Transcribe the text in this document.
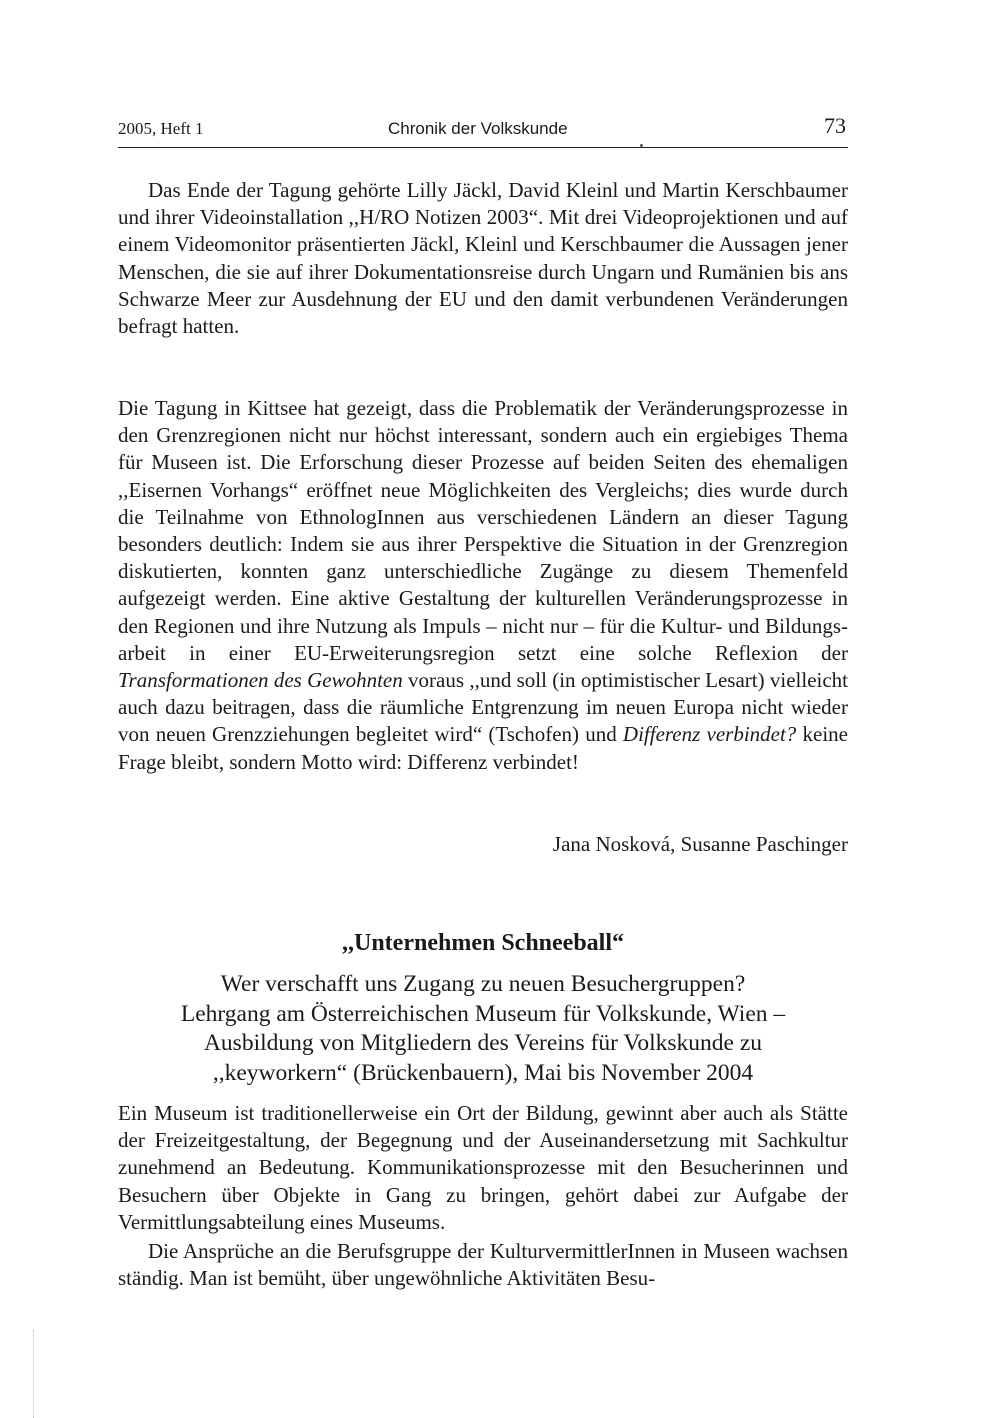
2005, Heft 1	Chronik der Volkskunde	73

Das Ende der Tagung gehörte Lilly Jäckl, David Kleinl und Martin Kerschbaumer und ihrer Videoinstallation ,,H/RO Notizen 2003“. Mit drei Videoprojektionen und auf einem Videomonitor präsentierten Jäckl, Kleinl und Kerschbaumer die Aussagen jener Menschen, die sie auf ihrer Dokumentationsreise durch Ungarn und Rumänien bis ans Schwarze Meer zur Ausdehnung der EU und den damit verbundenen Veränderungen befragt hatten.

Die Tagung in Kittsee hat gezeigt, dass die Problematik der Veränderungsprozesse in den Grenzregionen nicht nur höchst interessant, sondern auch ein ergiebiges Thema für Museen ist. Die Erforschung dieser Prozesse auf beiden Seiten des ehemaligen ,,Eisernen Vorhangs“ eröffnet neue Möglichkeiten des Vergleichs; dies wurde durch die Teilnahme von EthnologInnen aus verschiedenen Ländern an dieser Tagung besonders deutlich: Indem sie aus ihrer Perspektive die Situation in der Grenzregion diskutierten, konnten ganz unterschiedliche Zugänge zu diesem Themenfeld aufgezeigt werden. Eine aktive Gestaltung der kulturellen Veränderungsprozesse in den Regionen und ihre Nutzung als Impuls – nicht nur – für die Kultur- und Bildungsarbeit in einer EU-Erweiterungsregion setzt eine solche Reflexion der Transformationen des Gewohnten voraus ,,und soll (in optimistischer Lesart) vielleicht auch dazu beitragen, dass die räumliche Entgrenzung im neuen Europa nicht wieder von neuen Grenzziehungen begleitet wird“ (Tschofen) und Differenz verbindet? keine Frage bleibt, sondern Motto wird: Differenz verbindet!

Jana Nosková, Susanne Paschinger
,,Unternehmen Schneeball“
Wer verschafft uns Zugang zu neuen Besuchergruppen?
Lehrgang am Österreichischen Museum für Volkskunde, Wien –
Ausbildung von Mitgliedern des Vereins für Volkskunde zu
,,keyworkern“ (Brückenbauern), Mai bis November 2004

Ein Museum ist traditionellerweise ein Ort der Bildung, gewinnt aber auch als Stätte der Freizeitgestaltung, der Begegnung und der Auseinandersetzung mit Sachkultur zunehmend an Bedeutung. Kommunikationsprozesse mit den Besucherinnen und Besuchern über Objekte in Gang zu bringen, gehört dabei zur Aufgabe der Vermittlungsabteilung eines Museums.

Die Ansprüche an die Berufsgruppe der KulturvermittlerInnen in Museen wachsen ständig. Man ist bemüht, über ungewöhnliche Aktivitäten Besu-
